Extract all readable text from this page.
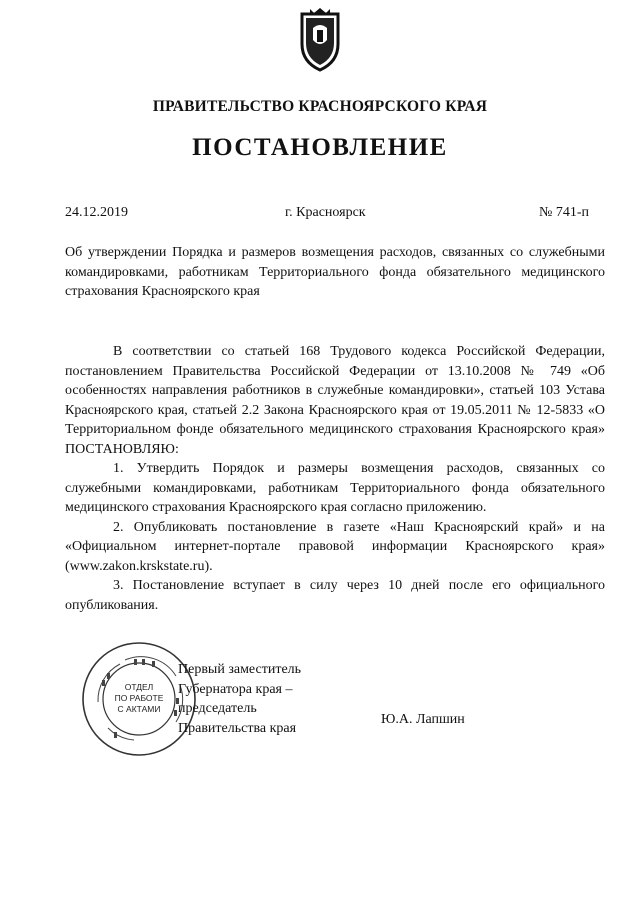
ПРАВИТЕЛЬСТВО КРАСНОЯРСКОГО КРАЯ
ПОСТАНОВЛЕНИЕ
24.12.2019	г. Красноярск	№ 741-п
Об утверждении Порядка и размеров возмещения расходов, связанных со служебными командировками, работникам Территориального фонда обязательного медицинского страхования Красноярского края

В соответствии со статьей 168 Трудового кодекса Российской Федерации, постановлением Правительства Российской Федерации от 13.10.2008 № 749 «Об особенностях направления работников в служебные командировки», статьей 103 Устава Красноярского края, статьей 2.2 Закона Красноярского края от 19.05.2011 № 12-5833 «О Территориальном фонде обязательного медицинского страхования Красноярского края» ПОСТАНОВЛЯЮ:

1. Утвердить Порядок и размеры возмещения расходов, связанных со служебными командировками, работникам Территориального фонда обязательного медицинского страхования Красноярского края согласно приложению.

2. Опубликовать постановление в газете «Наш Красноярский край» и на «Официальном интернет-портале правовой информации Красноярского края» (www.zakon.krskstate.ru).

3. Постановление вступает в силу через 10 дней после его официального опубликования.

ОТДЕЛ
ПО РАБОТЕ
С АКТАМИ
Первый заместитель
Губернатора края –
председатель
Правительства края
Ю.А. Лапшин
